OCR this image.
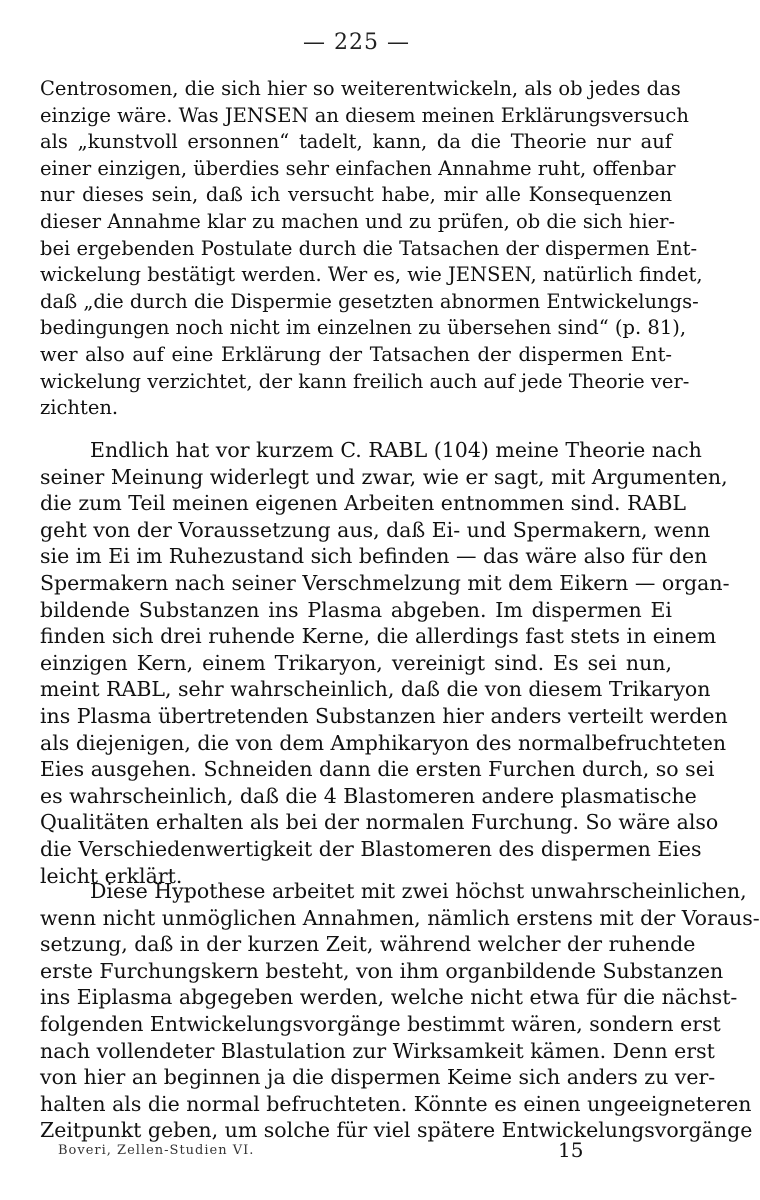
— 225 —
Centrosomen, die sich hier so weiterentwickeln, als ob jedes das
einzige wäre. Was JENSEN an diesem meinen Erklärungsversuch
als „kunstvoll ersonnen“ tadelt, kann, da die Theorie nur auf
einer einzigen, überdies sehr einfachen Annahme ruht, offenbar
nur dieses sein, daß ich versucht habe, mir alle Konsequenzen
dieser Annahme klar zu machen und zu prüfen, ob die sich hier-
bei ergebenden Postulate durch die Tatsachen der dispermen Ent-
wickelung bestätigt werden. Wer es, wie JENSEN, natürlich findet,
daß „die durch die Dispermie gesetzten abnormen Entwickelungs-
bedingungen noch nicht im einzelnen zu übersehen sind“ (p. 81),
wer also auf eine Erklärung der Tatsachen der dispermen Ent-
wickelung verzichtet, der kann freilich auch auf jede Theorie ver-
zichten.
Endlich hat vor kurzem C. RABL (104) meine Theorie nach
seiner Meinung widerlegt und zwar, wie er sagt, mit Argumenten,
die zum Teil meinen eigenen Arbeiten entnommen sind. RABL
geht von der Voraussetzung aus, daß Ei- und Spermakern, wenn
sie im Ei im Ruhezustand sich befinden — das wäre also für den
Spermakern nach seiner Verschmelzung mit dem Eikern — organ-
bildende Substanzen ins Plasma abgeben. Im dispermen Ei
finden sich drei ruhende Kerne, die allerdings fast stets in einem
einzigen Kern, einem Trikaryon, vereinigt sind. Es sei nun,
meint RABL, sehr wahrscheinlich, daß die von diesem Trikaryon
ins Plasma übertretenden Substanzen hier anders verteilt werden
als diejenigen, die von dem Amphikaryon des normalbefruchteten
Eies ausgehen. Schneiden dann die ersten Furchen durch, so sei
es wahrscheinlich, daß die 4 Blastomeren andere plasmatische
Qualitäten erhalten als bei der normalen Furchung. So wäre also
die Verschiedenwertigkeit der Blastomeren des dispermen Eies
leicht erklärt.
Diese Hypothese arbeitet mit zwei höchst unwahrscheinlichen,
wenn nicht unmöglichen Annahmen, nämlich erstens mit der Voraus-
setzung, daß in der kurzen Zeit, während welcher der ruhende
erste Furchungskern besteht, von ihm organbildende Substanzen
ins Eiplasma abgegeben werden, welche nicht etwa für die nächst-
folgenden Entwickelungsvorgänge bestimmt wären, sondern erst
nach vollendeter Blastulation zur Wirksamkeit kämen. Denn erst
von hier an beginnen ja die dispermen Keime sich anders zu ver-
halten als die normal befruchteten. Könnte es einen ungeeigneteren
Zeitpunkt geben, um solche für viel spätere Entwickelungsvorgänge
Boveri, Zellen-Studien VI.	15
